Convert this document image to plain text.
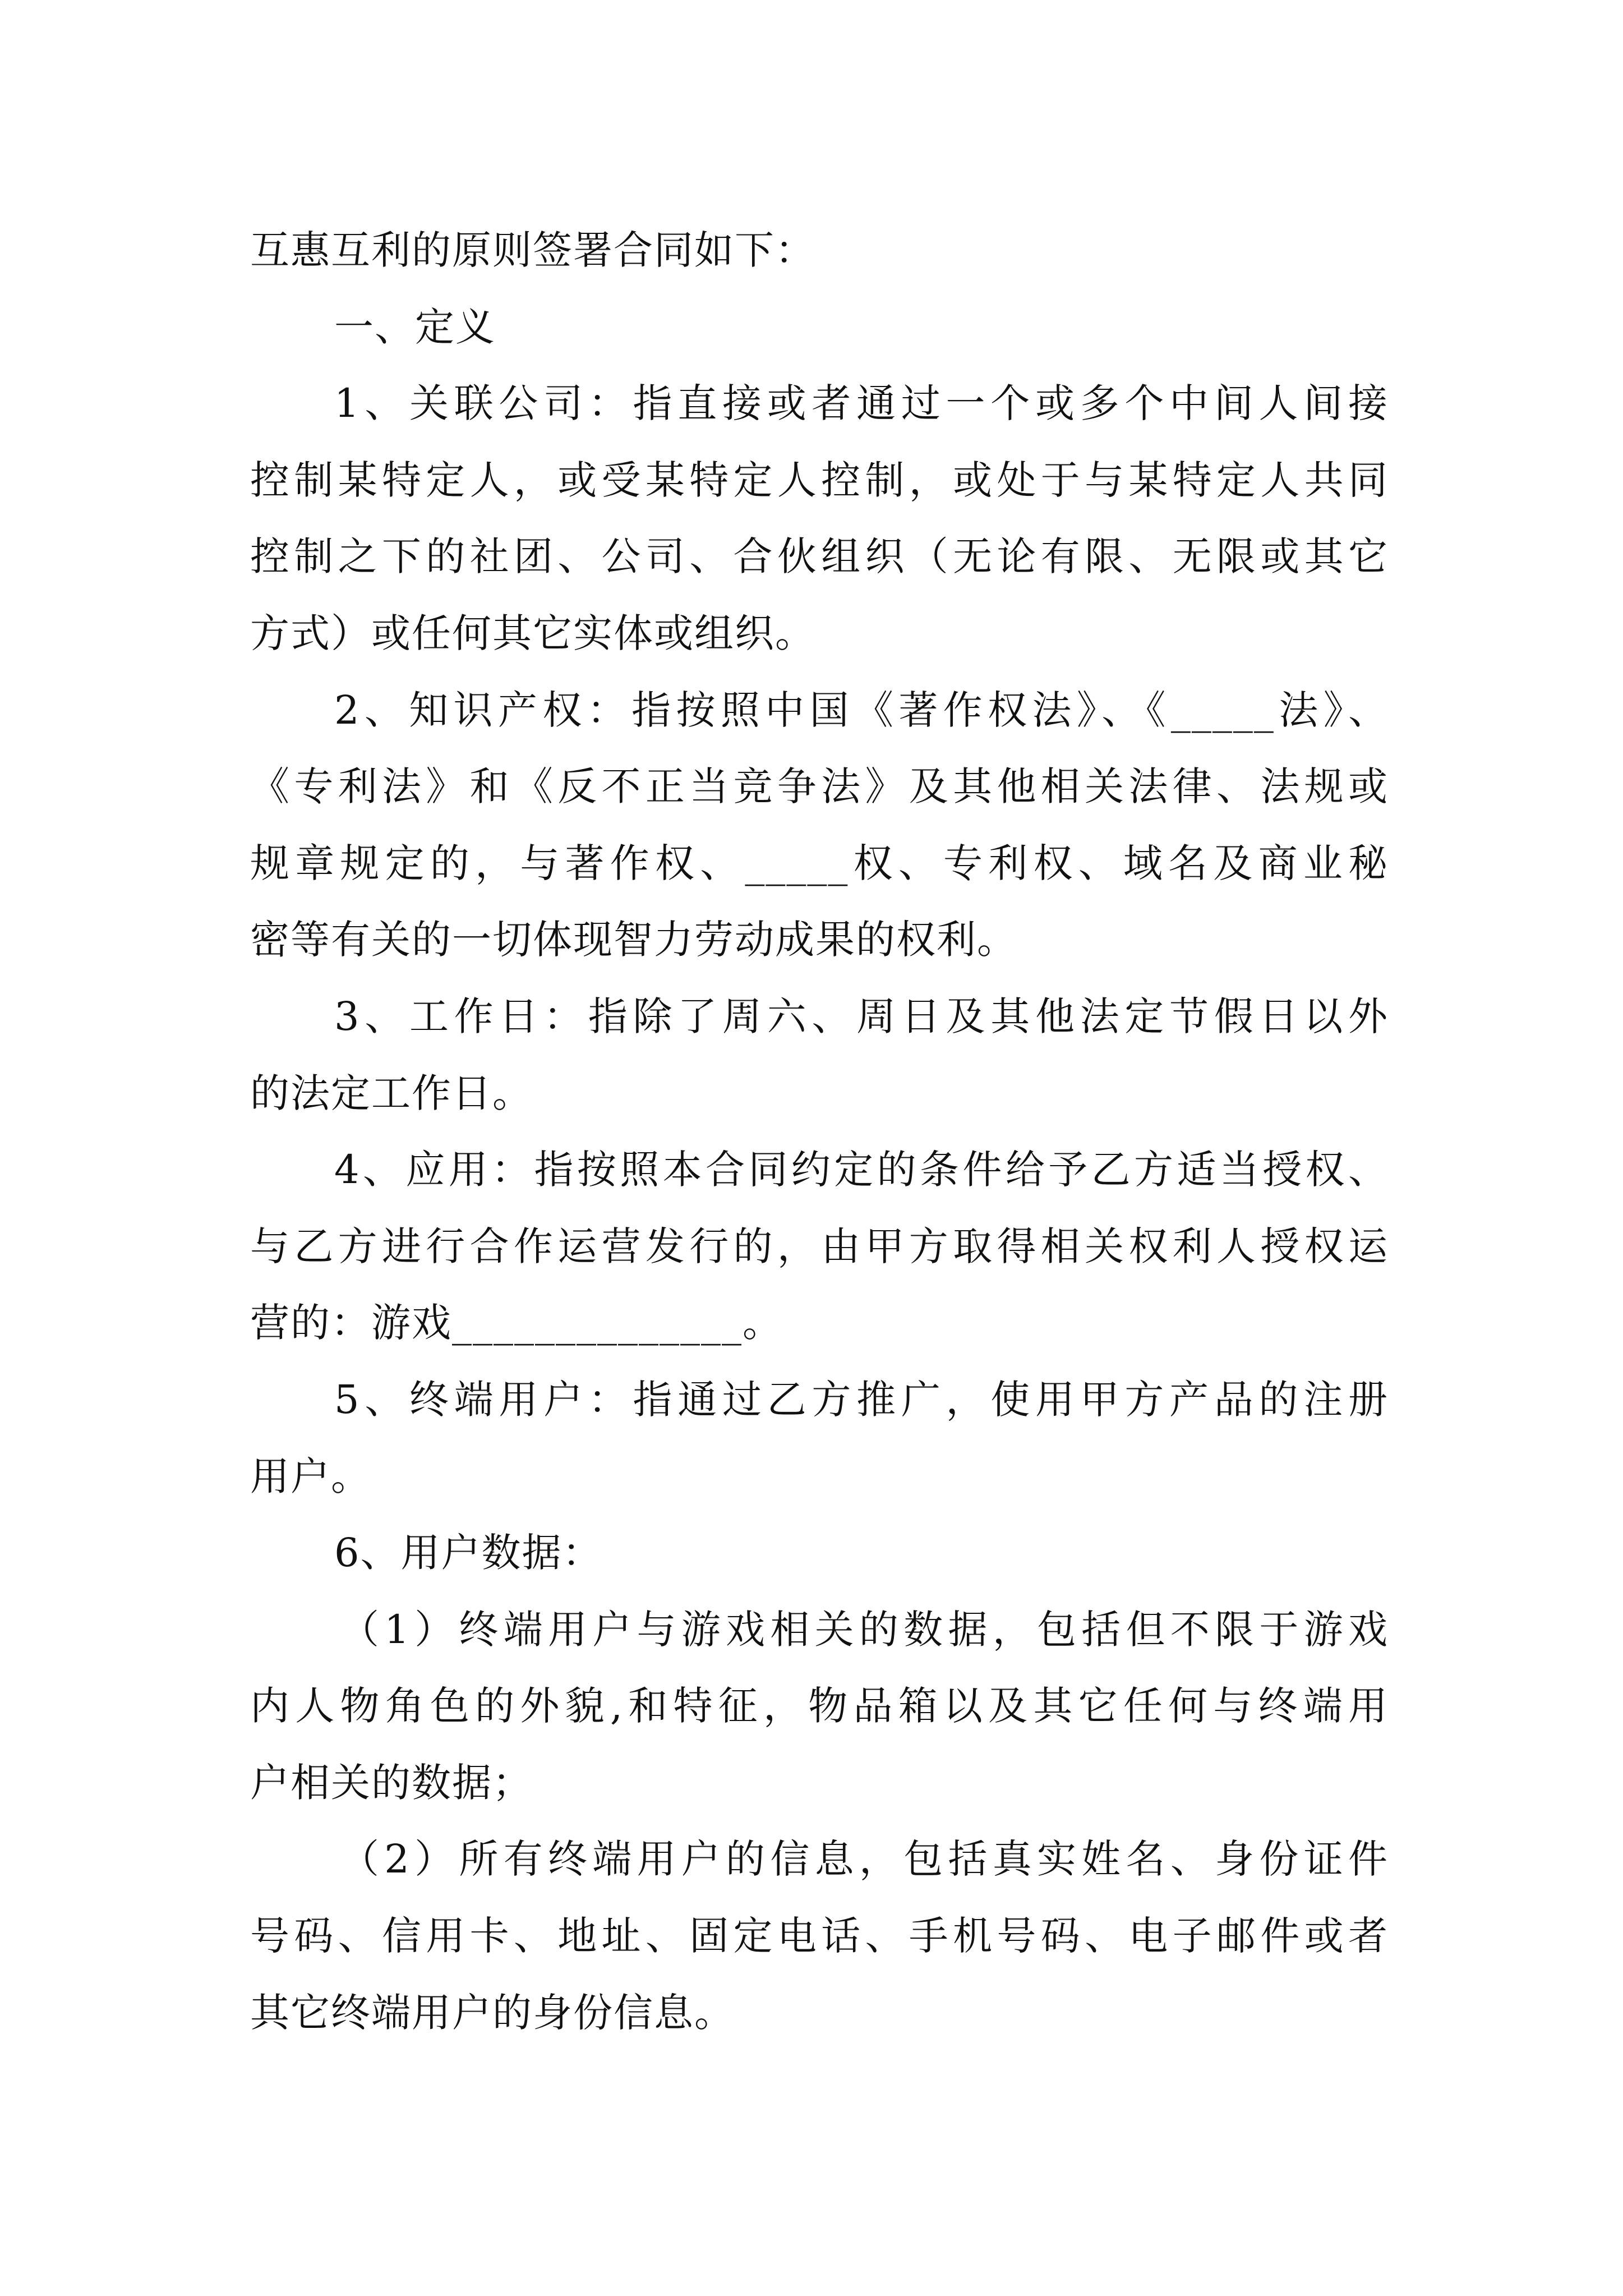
互惠互利的原则签署合同如下：
一、定义
1、关联公司：指直接或者通过一个或多个中间人间接
控制某特定人，或受某特定人控制，或处于与某特定人共同
控制之下的社团、公司、合伙组织（无论有限、无限或其它
方式）或任何其它实体或组织。
2、知识产权：指按照中国《著作权法》、《_____法》、
《专利法》和《反不正当竞争法》及其他相关法律、法规或
规章规定的，与著作权、_____权、专利权、域名及商业秘
密等有关的一切体现智力劳动成果的权利。
3、工作日：指除了周六、周日及其他法定节假日以外
的法定工作日。
4、应用：指按照本合同约定的条件给予乙方适当授权、
与乙方进行合作运营发行的，由甲方取得相关权利人授权运
营的：游戏______________。
5、终端用户：指通过乙方推广，使用甲方产品的注册
用户。
6、用户数据：
（1）终端用户与游戏相关的数据，包括但不限于游戏
内人物角色的外貌,和特征，物品箱以及其它任何与终端用
户相关的数据；
（2）所有终端用户的信息，包括真实姓名、身份证件
号码、信用卡、地址、固定电话、手机号码、电子邮件或者
其它终端用户的身份信息。
